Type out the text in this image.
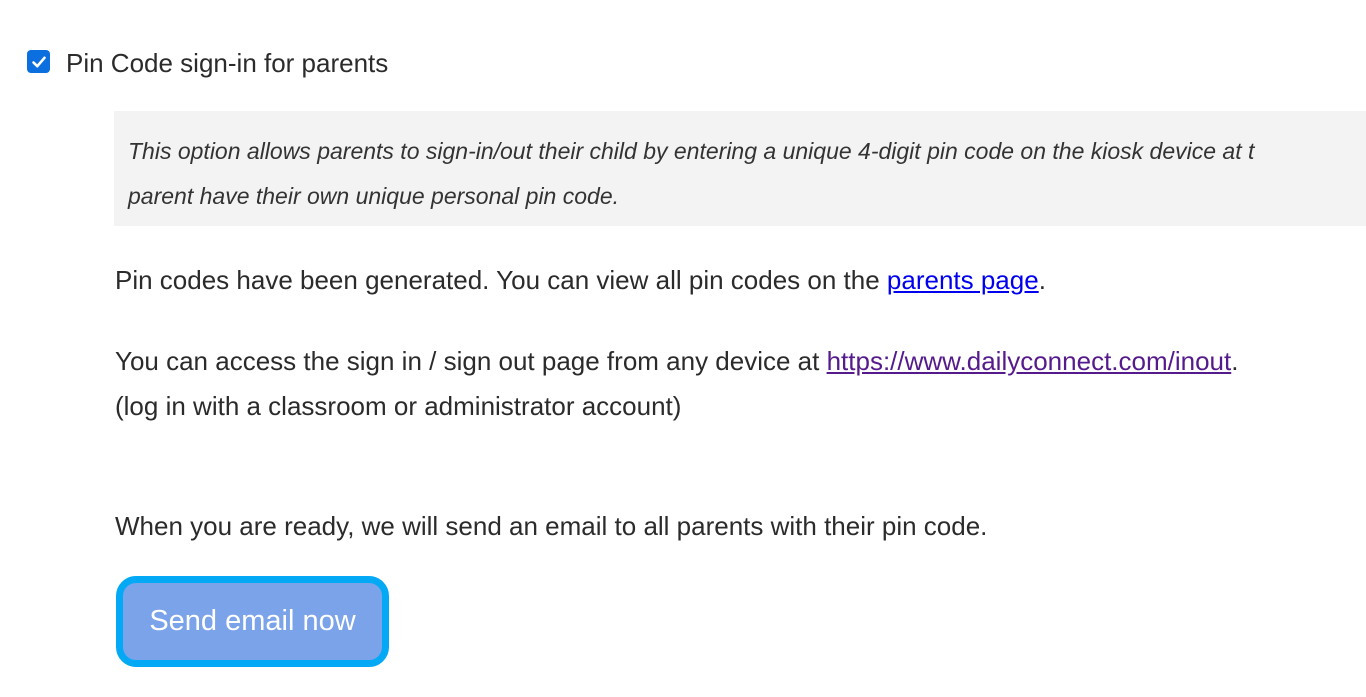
Pin Code sign-in for parents
This option allows parents to sign-in/out their child by entering a unique 4-digit pin code on the kiosk device at t
parent have their own unique personal pin code.
Pin codes have been generated. You can view all pin codes on the parents page.
You can access the sign in / sign out page from any device at https://www.dailyconnect.com/inout.
(log in with a classroom or administrator account)
When you are ready, we will send an email to all parents with their pin code.
Send email now
